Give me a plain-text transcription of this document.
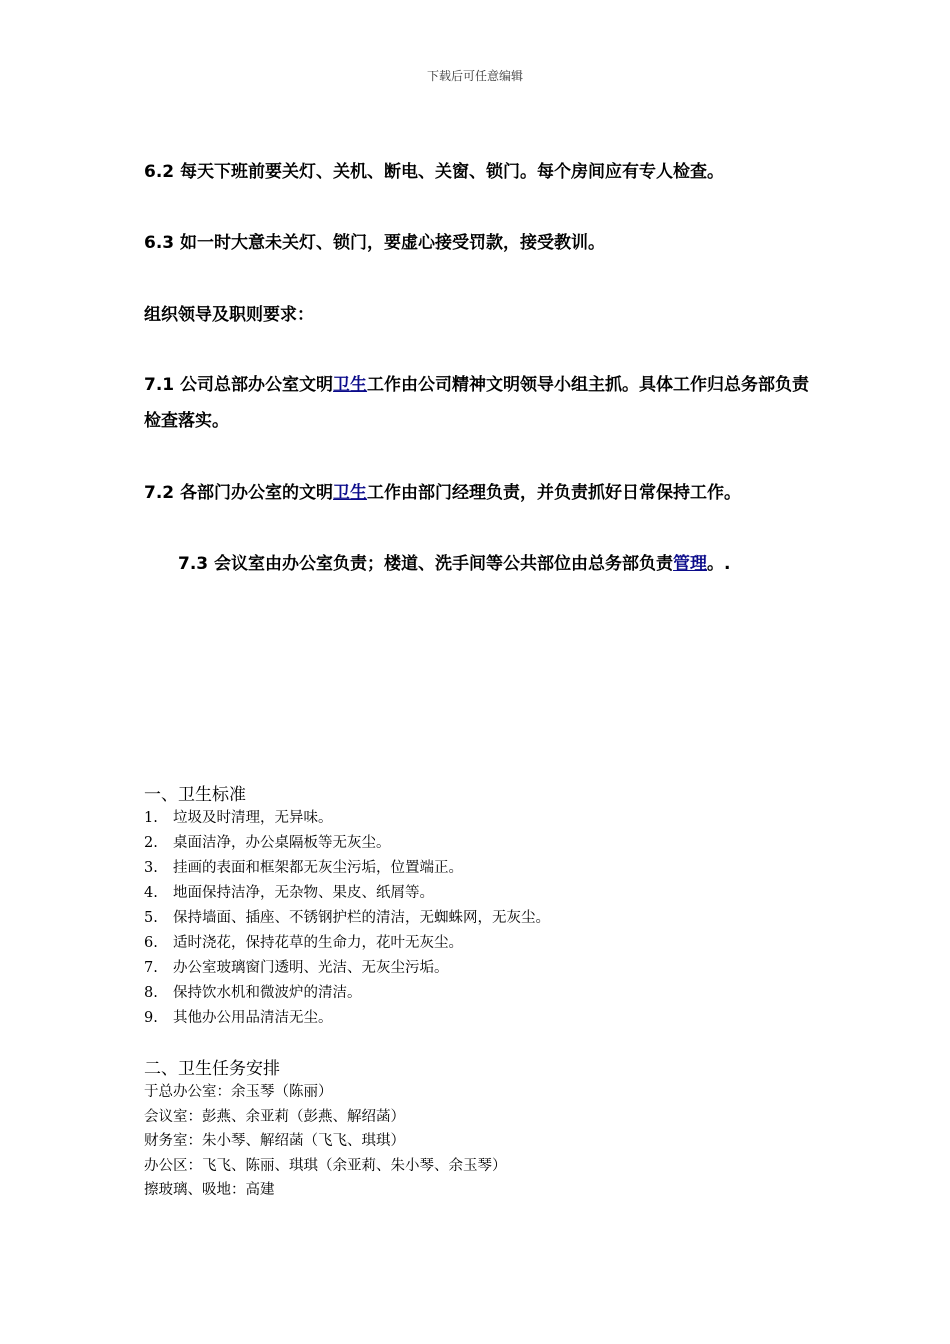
下载后可任意编辑
6.2 每天下班前要关灯、关机、断电、关窗、锁门。每个房间应有专人检查。
6.3 如一时大意未关灯、锁门，要虚心接受罚款，接受教训。
组织领导及职则要求：
7.1 公司总部办公室文明卫生工作由公司精神文明领导小组主抓。具体工作归总务部负责检查落实。
7.2 各部门办公室的文明卫生工作由部门经理负责，并负责抓好日常保持工作。
7.3 会议室由办公室负责；楼道、洗手间等公共部位由总务部负责管理。.
一、卫生标准
1. 垃圾及时清理，无异味。
2. 桌面洁净，办公桌隔板等无灰尘。
3. 挂画的表面和框架都无灰尘污垢，位置端正。
4. 地面保持洁净，无杂物、果皮、纸屑等。
5. 保持墙面、插座、不锈钢护栏的清洁，无蜘蛛网，无灰尘。
6. 适时浇花，保持花草的生命力，花叶无灰尘。
7. 办公室玻璃窗门透明、光洁、无灰尘污垢。
8. 保持饮水机和微波炉的清洁。
9. 其他办公用品清洁无尘。
二、卫生任务安排
于总办公室：余玉琴（陈丽）
会议室：彭燕、余亚莉（彭燕、解绍菡）
财务室：朱小琴、解绍菡（飞飞、琪琪）
办公区：飞飞、陈丽、琪琪（余亚莉、朱小琴、余玉琴）
擦玻璃、吸地：高建
